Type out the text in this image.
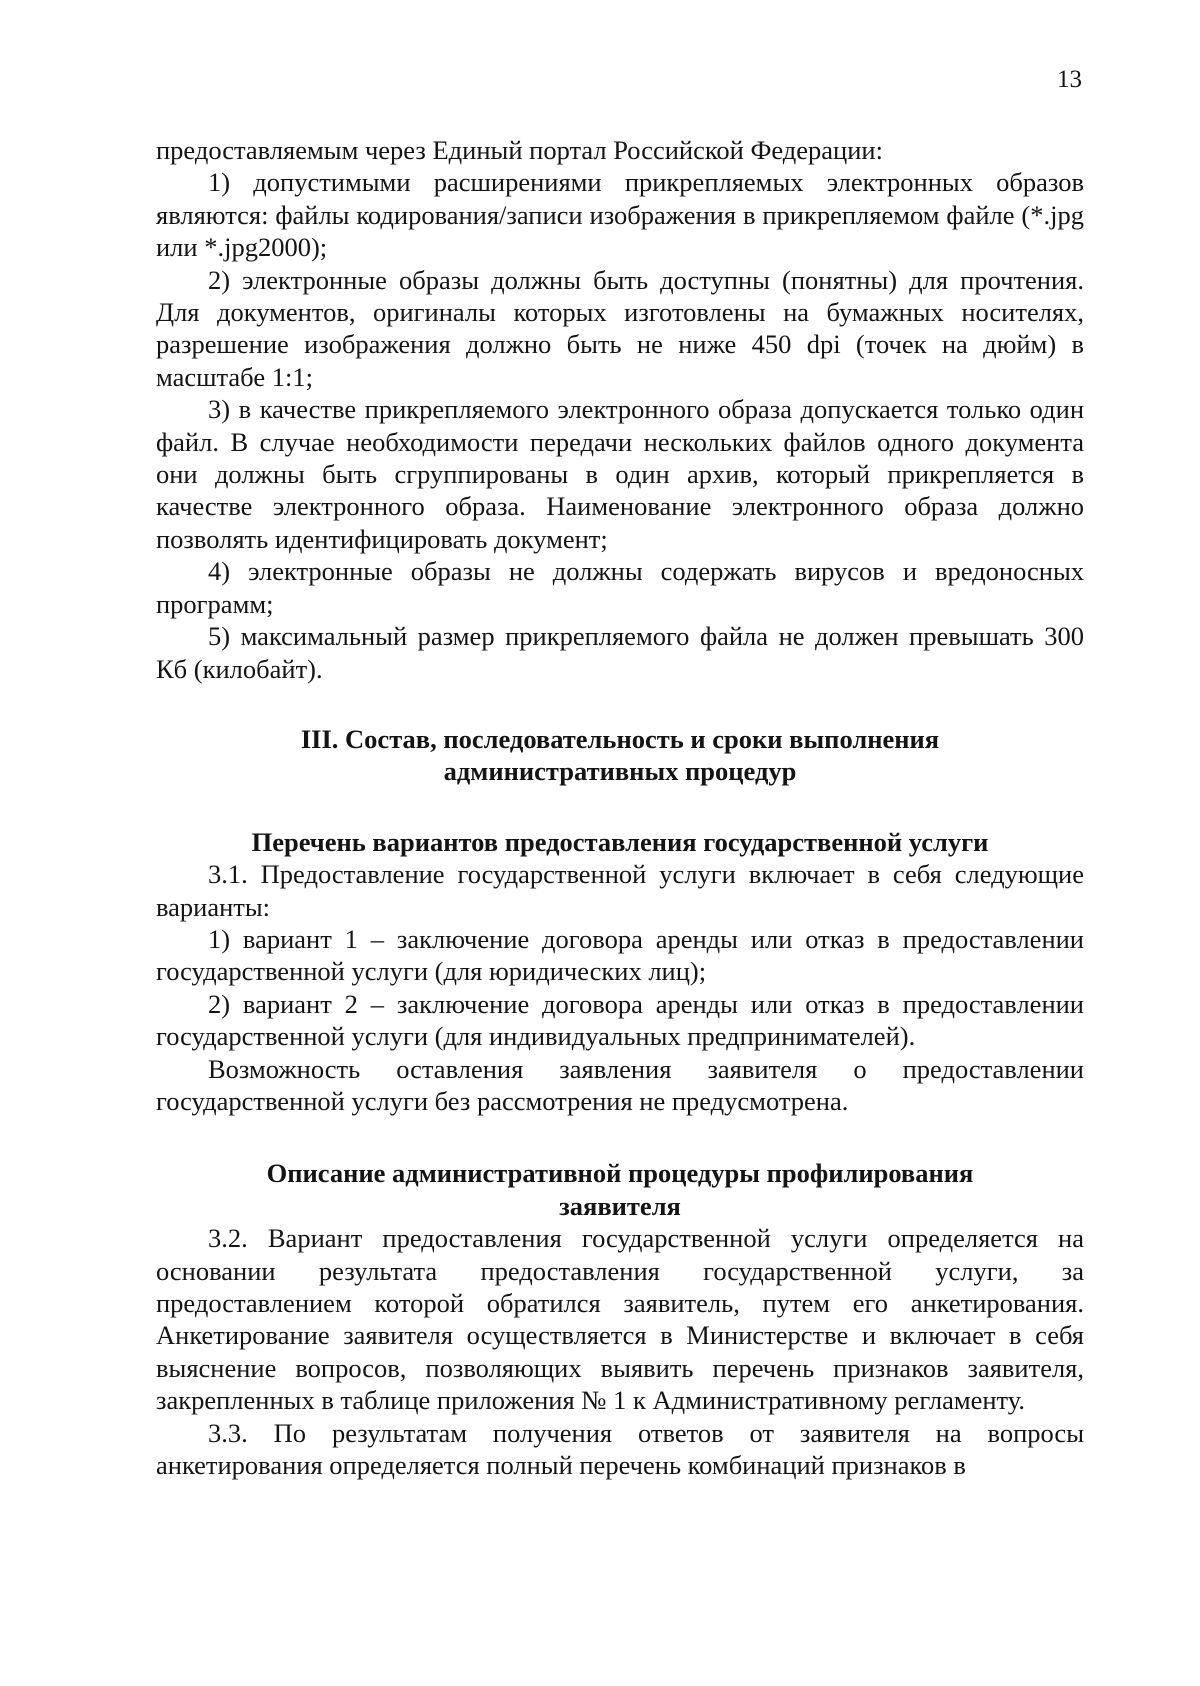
13

предоставляемым через Единый портал Российской Федерации:

1) допустимыми расширениями прикрепляемых электронных образов являются: файлы кодирования/записи изображения в прикрепляемом файле (*.jpg или *.jpg2000);

2) электронные образы должны быть доступны (понятны) для прочтения. Для документов, оригиналы которых изготовлены на бумажных носителях, разрешение изображения должно быть не ниже 450 dpi (точек на дюйм) в масштабе 1:1;

3) в качестве прикрепляемого электронного образа допускается только один файл. В случае необходимости передачи нескольких файлов одного документа они должны быть сгруппированы в один архив, который прикрепляется в качестве электронного образа. Наименование электронного образа должно позволять идентифицировать документ;

4) электронные образы не должны содержать вирусов и вредоносных программ;

5) максимальный размер прикрепляемого файла не должен превышать 300 Кб (килобайт).

III. Состав, последовательность и сроки выполнения
административных процедур
Перечень вариантов предоставления государственной услуги

3.1. Предоставление государственной услуги включает в себя следующие варианты:

1) вариант 1 – заключение договора аренды или отказ в предоставлении государственной услуги (для юридических лиц);

2) вариант 2 – заключение договора аренды или отказ в предоставлении государственной услуги (для индивидуальных предпринимателей).

Возможность оставления заявления заявителя о предоставлении государственной услуги без рассмотрения не предусмотрена.

Описание административной процедуры профилирования
заявителя

3.2. Вариант предоставления государственной услуги определяется на основании результата предоставления государственной услуги, за предоставлением которой обратился заявитель, путем его анкетирования. Анкетирование заявителя осуществляется в Министерстве и включает в себя выяснение вопросов, позволяющих выявить перечень признаков заявителя, закрепленных в таблице приложения № 1 к Административному регламенту.

3.3. По результатам получения ответов от заявителя на вопросы анкетирования определяется полный перечень комбинаций признаков в
